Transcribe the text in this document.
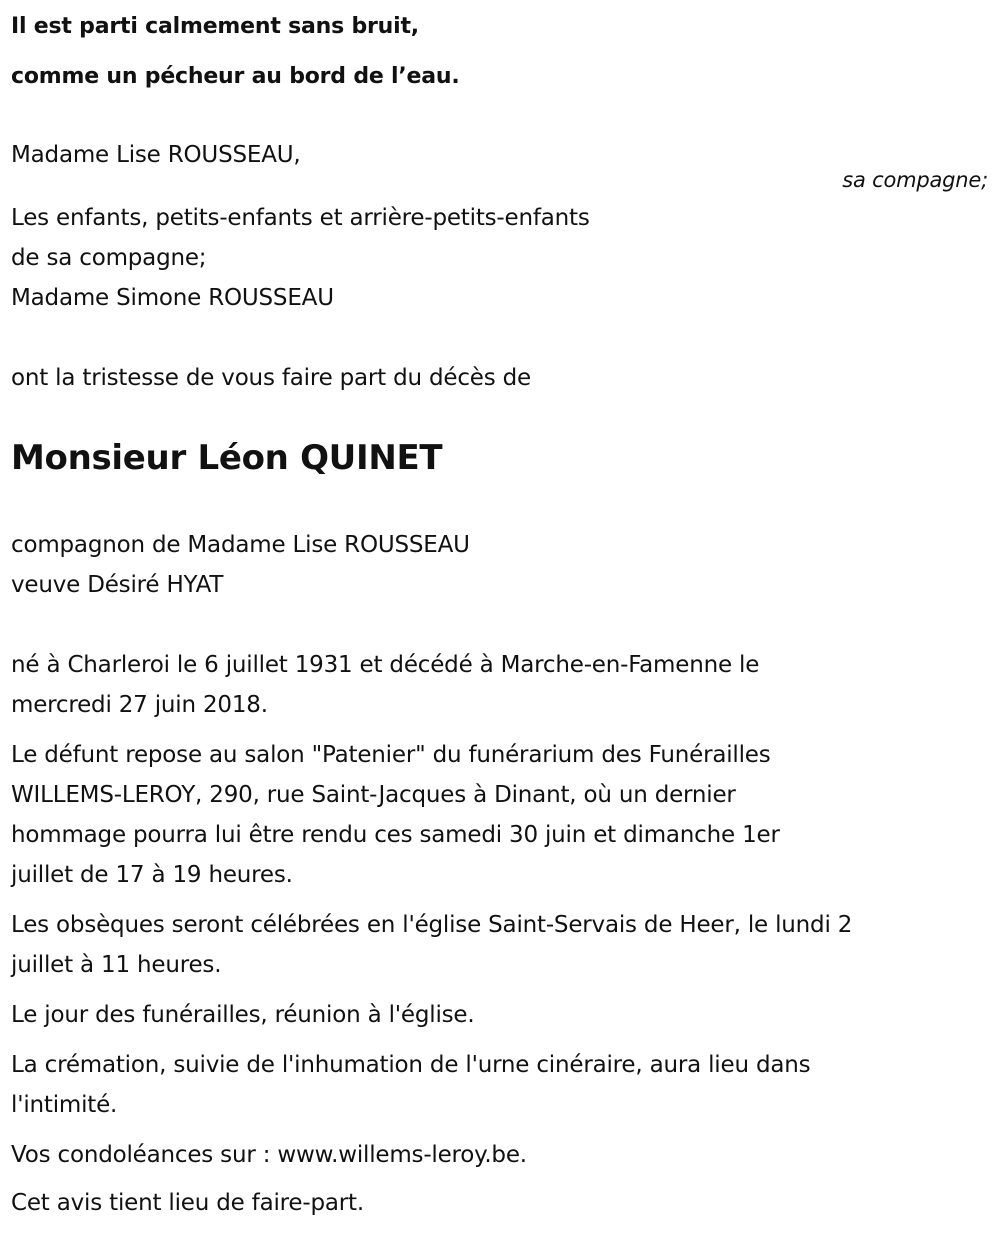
Il est parti calmement sans bruit,
comme un pécheur au bord de l’eau.
Madame Lise ROUSSEAU,
sa compagne;
Les enfants, petits-enfants et arrière-petits-enfants
de sa compagne;
Madame Simone ROUSSEAU
ont la tristesse de vous faire part du décès de
Monsieur Léon QUINET
compagnon de Madame Lise ROUSSEAU
veuve Désiré HYAT
né à Charleroi le 6 juillet 1931 et décédé à Marche-en-Famenne le
mercredi 27 juin 2018.
Le défunt repose au salon "Patenier" du funérarium des Funérailles
WILLEMS-LEROY, 290, rue Saint-Jacques à Dinant, où un dernier
hommage pourra lui être rendu ces samedi 30 juin et dimanche 1er
juillet de 17 à 19 heures.
Les obsèques seront célébrées en l'église Saint-Servais de Heer, le lundi 2
juillet à 11 heures.
Le jour des funérailles, réunion à l'église.
La crémation, suivie de l'inhumation de l'urne cinéraire, aura lieu dans
l'intimité.
Vos condoléances sur : www.willems-leroy.be.
Cet avis tient lieu de faire-part.
